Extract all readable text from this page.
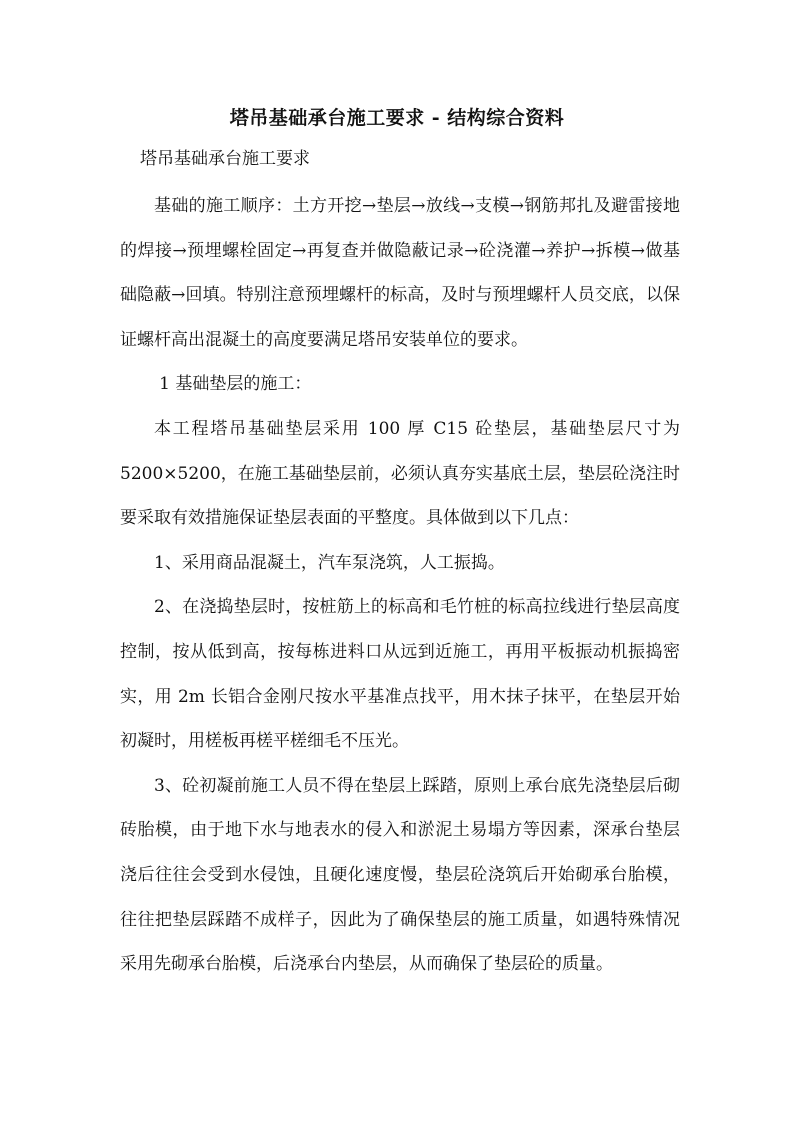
塔吊基础承台施工要求 - 结构综合资料
塔吊基础承台施工要求

基础的施工顺序：土方开挖→垫层→放线→支模→钢筋邦扎及避雷接地的焊接→预埋螺栓固定→再复查并做隐蔽记录→砼浇灌→养护→拆模→做基础隐蔽→回填。特别注意预埋螺杆的标高，及时与预埋螺杆人员交底，以保证螺杆高出混凝土的高度要满足塔吊安装单位的要求。

1 基础垫层的施工：

本工程塔吊基础垫层采用 100 厚 C15 砼垫层，基础垫层尺寸为 5200×5200，在施工基础垫层前，必须认真夯实基底土层，垫层砼浇注时要采取有效措施保证垫层表面的平整度。具体做到以下几点：

1、采用商品混凝土，汽车泵浇筑，人工振捣。

2、在浇捣垫层时，按桩筋上的标高和毛竹桩的标高拉线进行垫层高度控制，按从低到高，按每栋进料口从远到近施工，再用平板振动机振捣密实，用 2m 长铝合金刚尺按水平基准点找平，用木抹子抹平，在垫层开始初凝时，用槎板再槎平槎细毛不压光。

3、砼初凝前施工人员不得在垫层上踩踏，原则上承台底先浇垫层后砌砖胎模，由于地下水与地表水的侵入和淤泥土易塌方等因素，深承台垫层浇后往往会受到水侵蚀，且硬化速度慢，垫层砼浇筑后开始砌承台胎模，往往把垫层踩踏不成样子，因此为了确保垫层的施工质量，如遇特殊情况采用先砌承台胎模，后浇承台内垫层，从而确保了垫层砼的质量。
